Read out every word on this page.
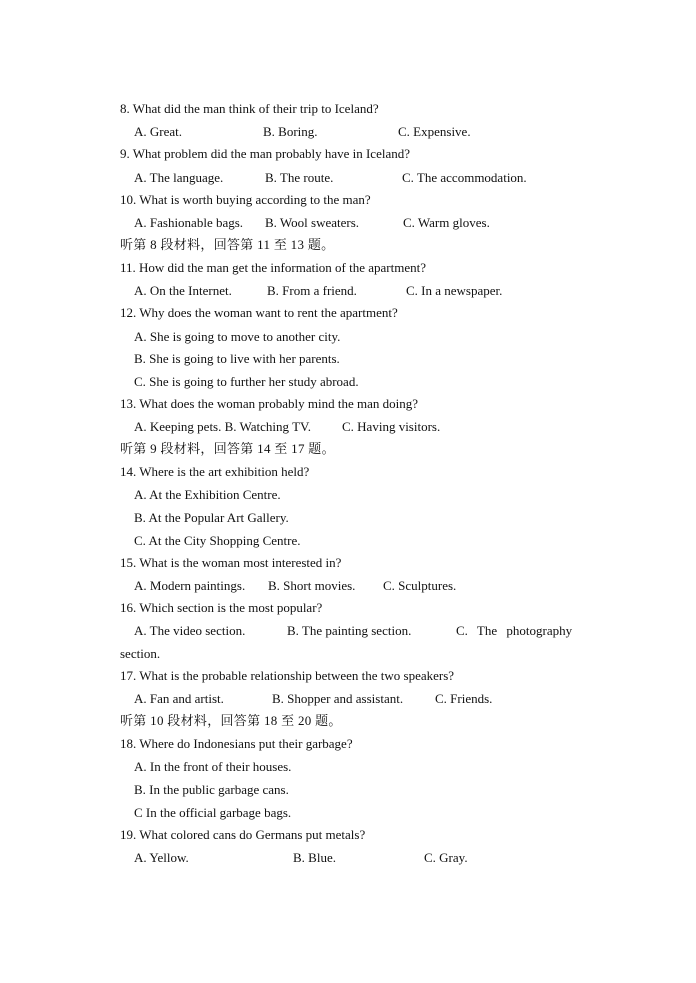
8. What did the man think of their trip to Iceland?
A. Great.	B. Boring.	C. Expensive.
9. What problem did the man probably have in Iceland?
A. The language.	B. The route.	C. The accommodation.
10. What is worth buying according to the man?
A. Fashionable bags. B. Wool sweaters.	C. Warm gloves.
听第 8 段材料，回答第 11 至 13 题。
11. How did the man get the information of the apartment?
A. On the Internet.	B. From a friend.	C. In a newspaper.
12. Why does the woman want to rent the apartment?
A. She is going to move to another city.
B. She is going to live with her parents.
C. She is going to further her study abroad.
13. What does the woman probably mind the man doing?
A. Keeping pets. B. Watching TV. C. Having visitors.
听第 9 段材料，回答第 14 至 17 题。
14. Where is the art exhibition held?
A. At the Exhibition Centre.
B. At the Popular Art Gallery.
C. At the City Shopping Centre.
15. What is the woman most interested in?
A. Modern paintings. B. Short movies. C. Sculptures.
16. Which section is the most popular?
A. The video section.	B. The painting section.	C. The photography
section.
17. What is the probable relationship between the two speakers?
A. Fan and artist.	B. Shopper and assistant. C. Friends.
听第 10 段材料，回答第 18 至 20 题。
18. Where do Indonesians put their garbage?
A. In the front of their houses.
B. In the public garbage cans.
C In the official garbage bags.
19. What colored cans do Germans put metals?
A. Yellow.	B. Blue.	C. Gray.
